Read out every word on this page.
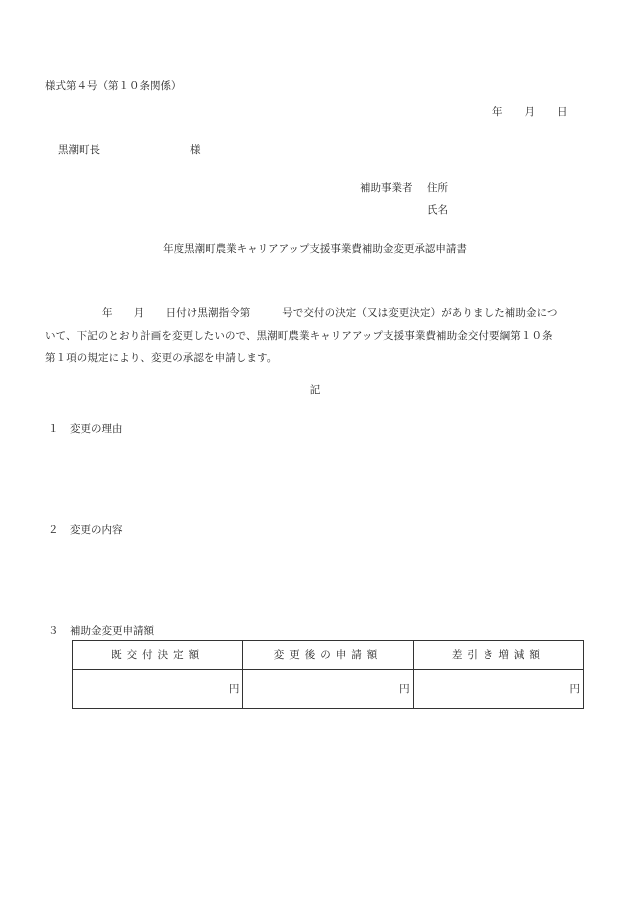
様式第４号（第１０条関係）
年 月 日
黒潮町長	様
補助事業者 住所
氏名
年度黒潮町農業キャリアアップ支援事業費補助金変更承認申請書
年　　月　　日付け黒潮指令第　　　号で交付の決定（又は変更決定）がありました補助金につ
いて、下記のとおり計画を変更したいので、黒潮町農業キャリアアップ支援事業費補助金交付要綱第１０条
第１項の規定により、変更の承認を申請します。
記
１ 変更の理由
２ 変更の内容
３ 補助金変更申請額
既交付決定額	変更後の申請額	差引き増減額
円	円	円
